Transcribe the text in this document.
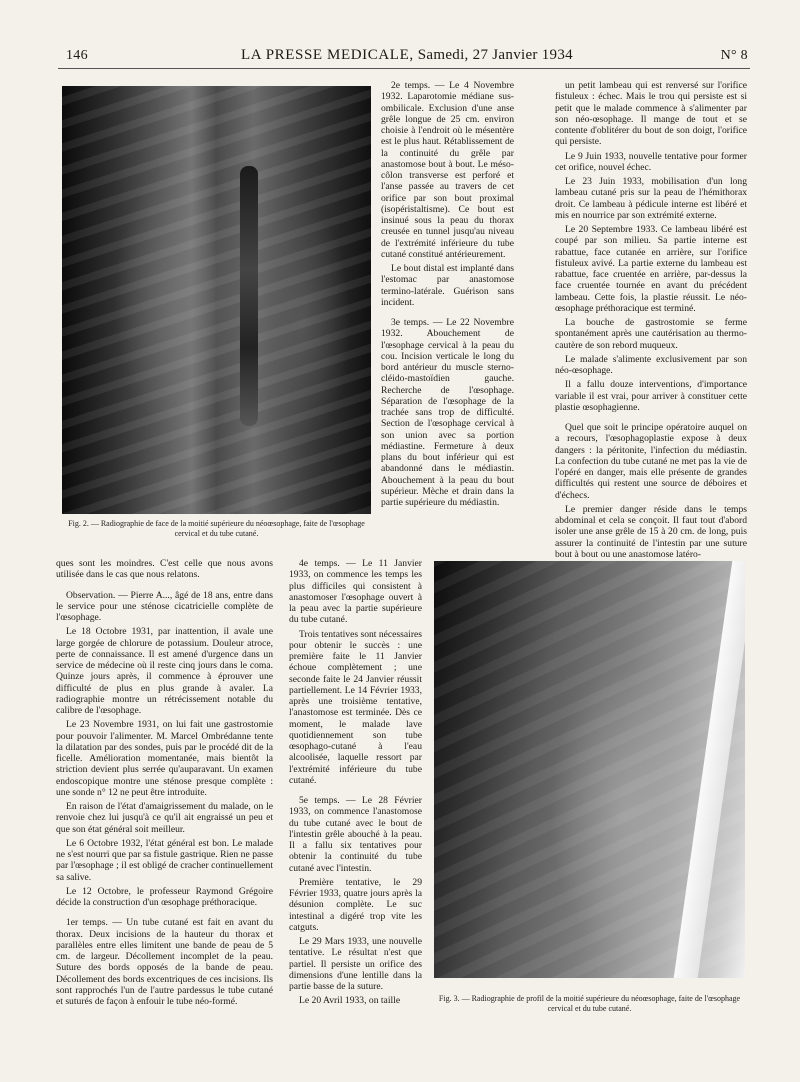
146	LA PRESSE MEDICALE, Samedi, 27 Janvier 1934	N° 8
Fig. 2. — Radiographie de face de la moitié supérieure du néoœsophage, faite de l'œsophage cervical et du tube cutané.

2e temps. — Le 4 Novembre 1932. Laparotomie médiane sus-ombilicale. Exclusion d'une anse grêle longue de 25 cm. environ choisie à l'endroit où le mésentère est le plus haut. Rétablissement de la continuité du grêle par anastomose bout à bout. Le méso-côlon transverse est perforé et l'anse passée au travers de cet orifice par son bout proximal (isopéristaltisme). Ce bout est insinué sous la peau du thorax creusée en tunnel jusqu'au niveau de l'extrémité inférieure du tube cutané constitué antérieurement.

Le bout distal est implanté dans l'estomac par anastomose termino-latérale. Guérison sans incident.

3e temps. — Le 22 Novembre 1932. Abouchement de l'œsophage cervical à la peau du cou. Incision verticale le long du bord antérieur du muscle sterno-cléido-mastoïdien gauche. Recherche de l'œsophage. Séparation de l'œsophage de la trachée sans trop de difficulté. Section de l'œsophage cervical à son union avec sa portion médiastine. Fermeture à deux plans du bout inférieur qui est abandonné dans le médiastin. Abouchement à la peau du bout supérieur. Mèche et drain dans la partie supérieure du médiastin.

un petit lambeau qui est renversé sur l'orifice fistuleux : échec. Mais le trou qui persiste est si petit que le malade commence à s'alimenter par son néo-œsophage. Il mange de tout et se contente d'oblitérer du bout de son doigt, l'orifice qui persiste.

Le 9 Juin 1933, nouvelle tentative pour former cet orifice, nouvel échec.

Le 23 Juin 1933, mobilisation d'un long lambeau cutané pris sur la peau de l'hémithorax droit. Ce lambeau à pédicule interne est libéré et mis en nourrice par son extrémité externe.

Le 20 Septembre 1933. Ce lambeau libéré est coupé par son milieu. Sa partie interne est rabattue, face cutanée en arrière, sur l'orifice fistuleux avivé. La partie externe du lambeau est rabattue, face cruentée en arrière, par-dessus la face cruentée tournée en avant du précédent lambeau. Cette fois, la plastie réussit. Le néo-œsophage préthoracique est terminé.

La bouche de gastrostomie se ferme spontanément après une cautérisation au thermo-cautère de son rebord muqueux.

Le malade s'alimente exclusivement par son néo-œsophage.

Il a fallu douze interventions, d'importance variable il est vrai, pour arriver à constituer cette plastie œsophagienne.

Quel que soit le principe opératoire auquel on a recours, l'œsophagoplastie expose à deux dangers : la péritonite, l'infection du médiastin. La confection du tube cutané ne met pas la vie de l'opéré en danger, mais elle présente de grandes difficultés qui restent une source de déboires et d'échecs.

Le premier danger réside dans le temps abdominal et cela se conçoit. Il faut tout d'abord isoler une anse grêle de 15 à 20 cm. de long, puis assurer la continuité de l'intestin par une suture bout à bout ou une anastomose latéro-

ques sont les moindres. C'est celle que nous avons utilisée dans le cas que nous relatons.

Observation. — Pierre A..., âgé de 18 ans, entre dans le service pour une sténose cicatricielle complète de l'œsophage.

Le 18 Octobre 1931, par inattention, il avale une large gorgée de chlorure de potassium. Douleur atroce, perte de connaissance. Il est amené d'urgence dans un service de médecine où il reste cinq jours dans le coma. Quinze jours après, il commence à éprouver une difficulté de plus en plus grande à avaler. La radiographie montre un rétrécissement notable du calibre de l'œsophage.

Le 23 Novembre 1931, on lui fait une gastrostomie pour pouvoir l'alimenter. M. Marcel Ombrédanne tente la dilatation par des sondes, puis par le procédé dit de la ficelle. Amélioration momentanée, mais bientôt la striction devient plus serrée qu'auparavant. Un examen endoscopique montre une sténose presque complète : une sonde n° 12 ne peut être introduite.

En raison de l'état d'amaigrissement du malade, on le renvoie chez lui jusqu'à ce qu'il ait engraissé un peu et que son état général soit meilleur.

Le 6 Octobre 1932, l'état général est bon. Le malade ne s'est nourri que par sa fistule gastrique. Rien ne passe par l'œsophage ; il est obligé de cracher continuellement sa salive.

Le 12 Octobre, le professeur Raymond Grégoire décide la construction d'un œsophage préthoracique.

1er temps. — Un tube cutané est fait en avant du thorax. Deux incisions de la hauteur du thorax et parallèles entre elles limitent une bande de peau de 5 cm. de largeur. Décollement incomplet de la peau. Suture des bords opposés de la bande de peau. Décollement des bords excentriques de ces incisions. Ils sont rapprochés l'un de l'autre pardessus le tube cutané et suturés de façon à enfouir le tube néo-formé.

4e temps. — Le 11 Janvier 1933, on commence les temps les plus difficiles qui consistent à anastomoser l'œsophage ouvert à la peau avec la partie supérieure du tube cutané.

Trois tentatives sont nécessaires pour obtenir le succès : une première faite le 11 Janvier échoue complètement ; une seconde faite le 24 Janvier réussit partiellement. Le 14 Février 1933, après une troisième tentative, l'anastomose est terminée. Dès ce moment, le malade lave quotidiennement son tube œsophago-cutané à l'eau alcoolisée, laquelle ressort par l'extrémité inférieure du tube cutané.

5e temps. — Le 28 Février 1933, on commence l'anastomose du tube cutané avec le bout de l'intestin grêle abouché à la peau. Il a fallu six tentatives pour obtenir la continuité du tube cutané avec l'intestin.

Première tentative, le 29 Février 1933, quatre jours après la désunion complète. Le suc intestinal a digéré trop vite les catguts.

Le 29 Mars 1933, une nouvelle tentative. Le résultat n'est que partiel. Il persiste un orifice des dimensions d'une lentille dans la partie basse de la suture.

Le 20 Avril 1933, on taille	Fig. 3. — Radiographie de profil de la moitié supérieure du néoœsophage, faite de l'œsophage cervical et du tube cutané.
